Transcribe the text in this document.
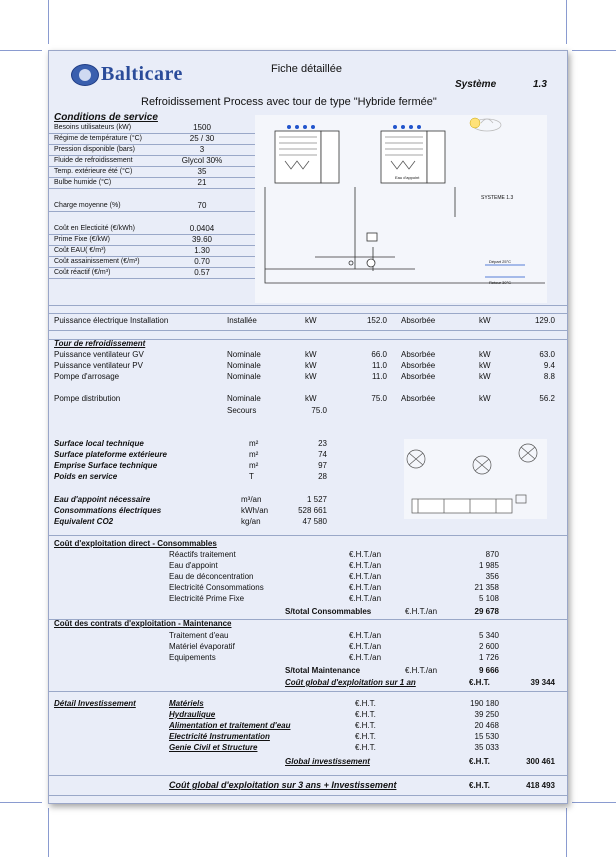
Balticare	Fiche détaillée
Système	1.3
Refroidissement Process avec tour de type "Hybride fermée"
Conditions de service
SYSTEME 1.3
Eau d'appoint
Départ 25°C
Retour 30°C
Puissance électrique Installation	Installée	kW	152.0 Absorbée	kW	129.0
Tour de refroidissement
Pompe distribution	Nominale	kW	75.0 Absorbée	kW	56.2
Secours	75.0
Coût d'exploitation direct - Consommables
S/total Consommables	€.H.T./an	29 678
Coût des contrats d'exploitation - Maintenance
S/total Maintenance	€.H.T./an	9 666
Coût global d'exploitation sur 1 an	€.H.T.	39 344
Détail Investissement
Global investissement	€.H.T.	300 461
Coût global d'exploitation sur 3 ans + Investissement	€.H.T.	418 493
Besoins utilisateurs (kW)	1500
Régime de température (°C)	25 / 30
Pression disponible (bars)	3
Fluide de refroidissement	Glycol 30%
Temp. extérieure été (°C)	35
Bulbe humide (°C)	21
Charge moyenne (%)	70
Coût en Electicité (€/kWh)	0.0404
Prime Fixe (€/kW)	39.60
Coût EAU( €/m³)	1.30
Coût assainissement (€/m³)	0.70
Coût réactif (€/m³)	0.57
Puissance ventilateur GV	Nominale	kW	66.0 Absorbée	kW	63.0
Puissance ventilateur PV	Nominale	kW	11.0 Absorbée	kW	9.4
Pompe d'arrosage	Nominale	kW	11.0 Absorbée	kW	8.8
Surface local technique	m²	23
Surface plateforme extérieure	m²	74
Emprise Surface technique	m²	97
Poids en service	T	28
Eau d'appoint nécessaire	m³/an	1 527
Consommations électriques	kWh/an	528 661
Equivalent CO2	kg/an	47 580
Réactifs traitement	€.H.T./an	870
Eau d'appoint	€.H.T./an	1 985
Eau de déconcentration	€.H.T./an	356
Electricité Consommations	€.H.T./an	21 358
Electricité Prime Fixe	€.H.T./an	5 108
Traitement d'eau	€.H.T./an	5 340
Matériel évaporatif	€.H.T./an	2 600
Equipements	€.H.T./an	1 726
Matériels	€.H.T.	190 180
Hydraulique	€.H.T.	39 250
Alimentation et traitement d'eau	€.H.T.	20 468
Electricité Instrumentation	€.H.T.	15 530
Genie Civil et Structure	€.H.T.	35 033
